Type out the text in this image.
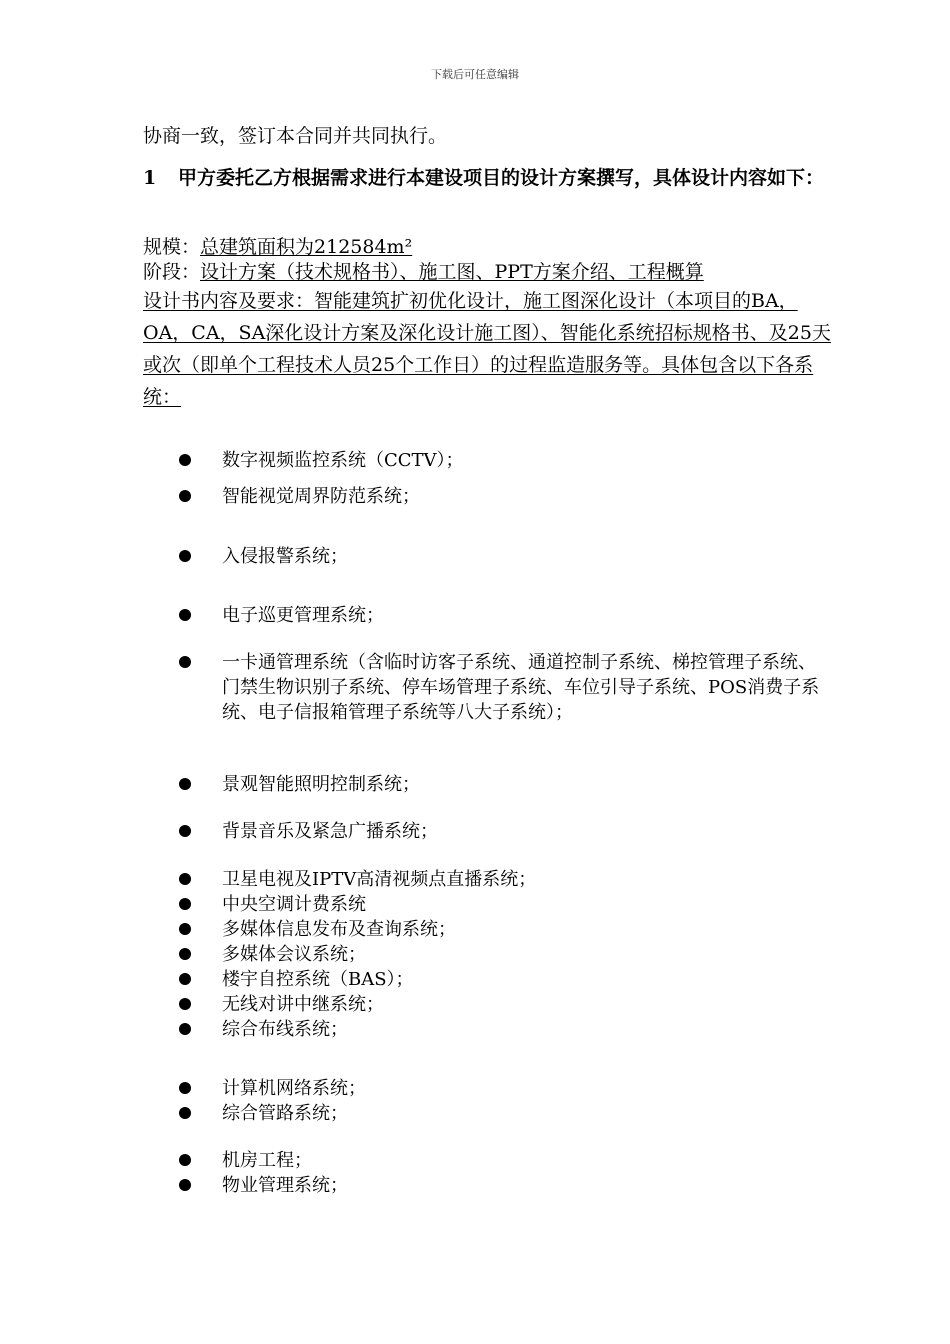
下载后可任意编辑
协商一致，签订本合同并共同执行。
1 甲方委托乙方根据需求进行本建设项目的设计方案撰写，具体设计内容如下：
规模：总建筑面积为212584m²
阶段：设计方案（技术规格书）、施工图、PPT方案介绍、工程概算
设计书内容及要求：智能建筑扩初优化设计，施工图深化设计（本项目的BA，OA，CA，SA深化设计方案及深化设计施工图）、智能化系统招标规格书、及25天或次（即单个工程技术人员25个工作日）的过程监造服务等。具体包含以下各系统：
数字视频监控系统（CCTV）；
智能视觉周界防范系统；
入侵报警系统；
电子巡更管理系统；
一卡通管理系统（含临时访客子系统、通道控制子系统、梯控管理子系统、门禁生物识别子系统、停车场管理子系统、车位引导子系统、POS消费子系统、电子信报箱管理子系统等八大子系统）；
景观智能照明控制系统；
背景音乐及紧急广播系统；
卫星电视及IPTV高清视频点直播系统；
中央空调计费系统
多媒体信息发布及查询系统；
多媒体会议系统；
楼宇自控系统（BAS）；
无线对讲中继系统；
综合布线系统；
计算机网络系统；
综合管路系统；
机房工程；
物业管理系统；
